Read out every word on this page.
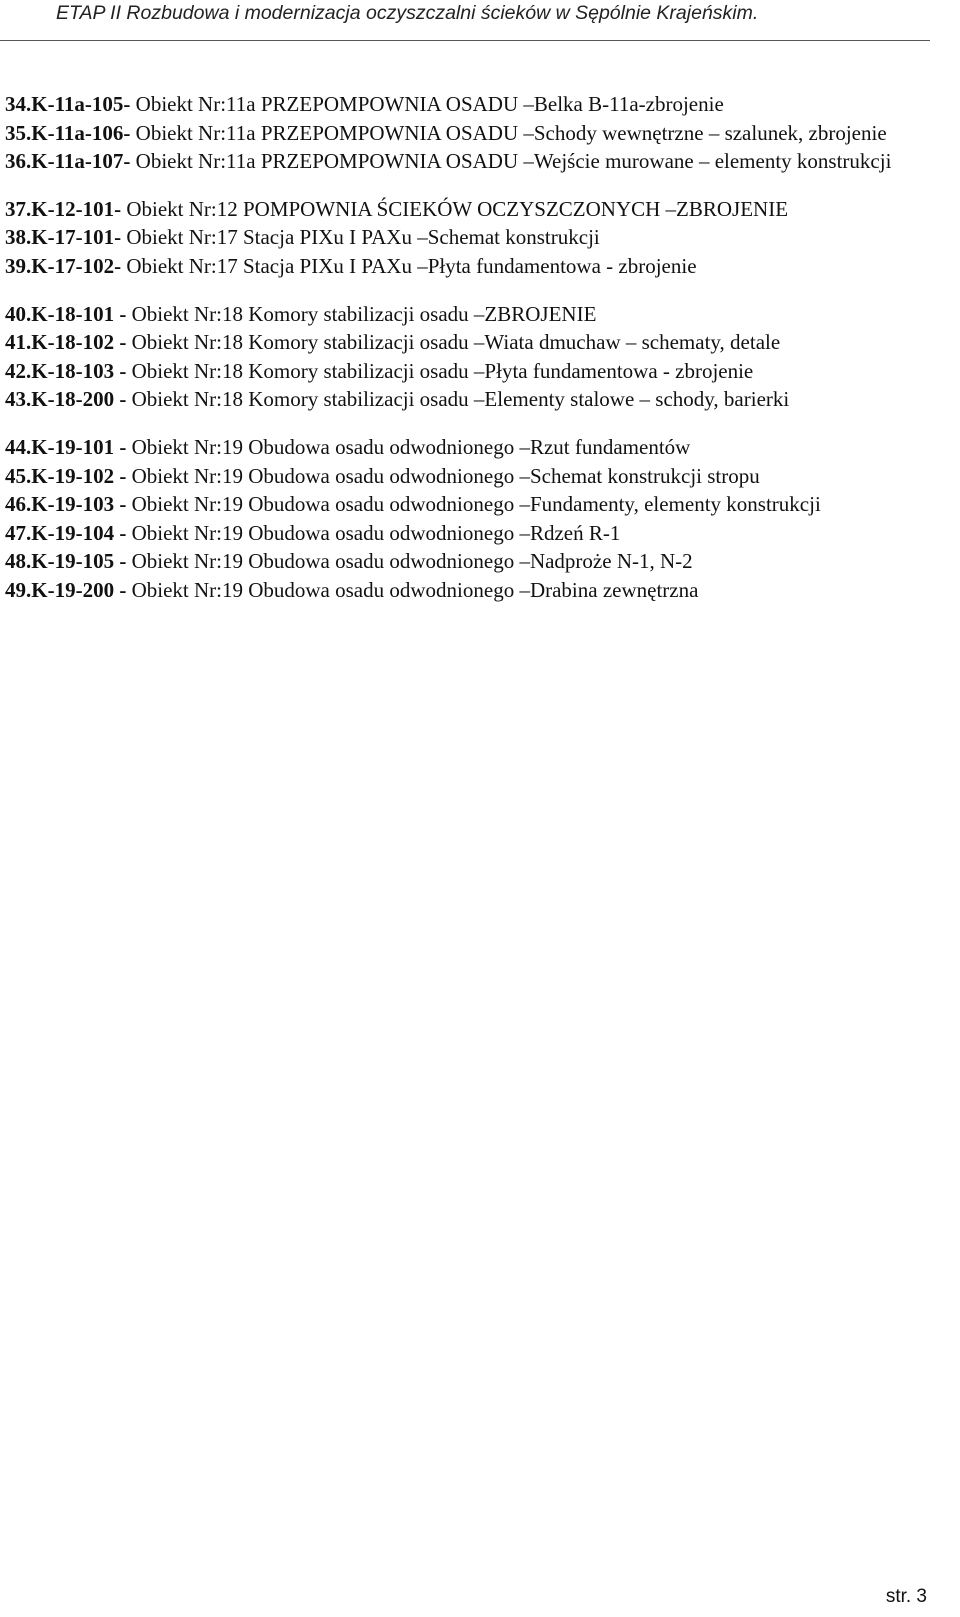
ETAP II Rozbudowa i modernizacja oczyszczalni ścieków w Sępólnie Krajeńskim.

34.K-11a-105- Obiekt Nr:11a PRZEPOMPOWNIA OSADU –Belka B-11a-zbrojenie

35.K-11a-106- Obiekt Nr:11a PRZEPOMPOWNIA OSADU –Schody wewnętrzne – szalunek, zbrojenie

36.K-11a-107- Obiekt Nr:11a PRZEPOMPOWNIA OSADU –Wejście murowane – elementy konstrukcji

37.K-12-101- Obiekt Nr:12 POMPOWNIA ŚCIEKÓW OCZYSZCZONYCH –ZBROJENIE

38.K-17-101- Obiekt Nr:17 Stacja PIXu I PAXu –Schemat konstrukcji

39.K-17-102- Obiekt Nr:17 Stacja PIXu I PAXu –Płyta fundamentowa - zbrojenie

40.K-18-101 - Obiekt Nr:18 Komory stabilizacji osadu –ZBROJENIE

41.K-18-102 - Obiekt Nr:18 Komory stabilizacji osadu –Wiata dmuchaw – schematy, detale

42.K-18-103 - Obiekt Nr:18 Komory stabilizacji osadu –Płyta fundamentowa - zbrojenie

43.K-18-200 - Obiekt Nr:18 Komory stabilizacji osadu –Elementy stalowe – schody, barierki

44.K-19-101 - Obiekt Nr:19 Obudowa osadu odwodnionego –Rzut fundamentów

45.K-19-102 - Obiekt Nr:19 Obudowa osadu odwodnionego –Schemat konstrukcji stropu

46.K-19-103 - Obiekt Nr:19 Obudowa osadu odwodnionego –Fundamenty, elementy konstrukcji

47.K-19-104 - Obiekt Nr:19 Obudowa osadu odwodnionego –Rdzeń R-1

48.K-19-105 - Obiekt Nr:19 Obudowa osadu odwodnionego –Nadproże N-1, N-2

49.K-19-200 - Obiekt Nr:19 Obudowa osadu odwodnionego –Drabina zewnętrzna

str. 3
